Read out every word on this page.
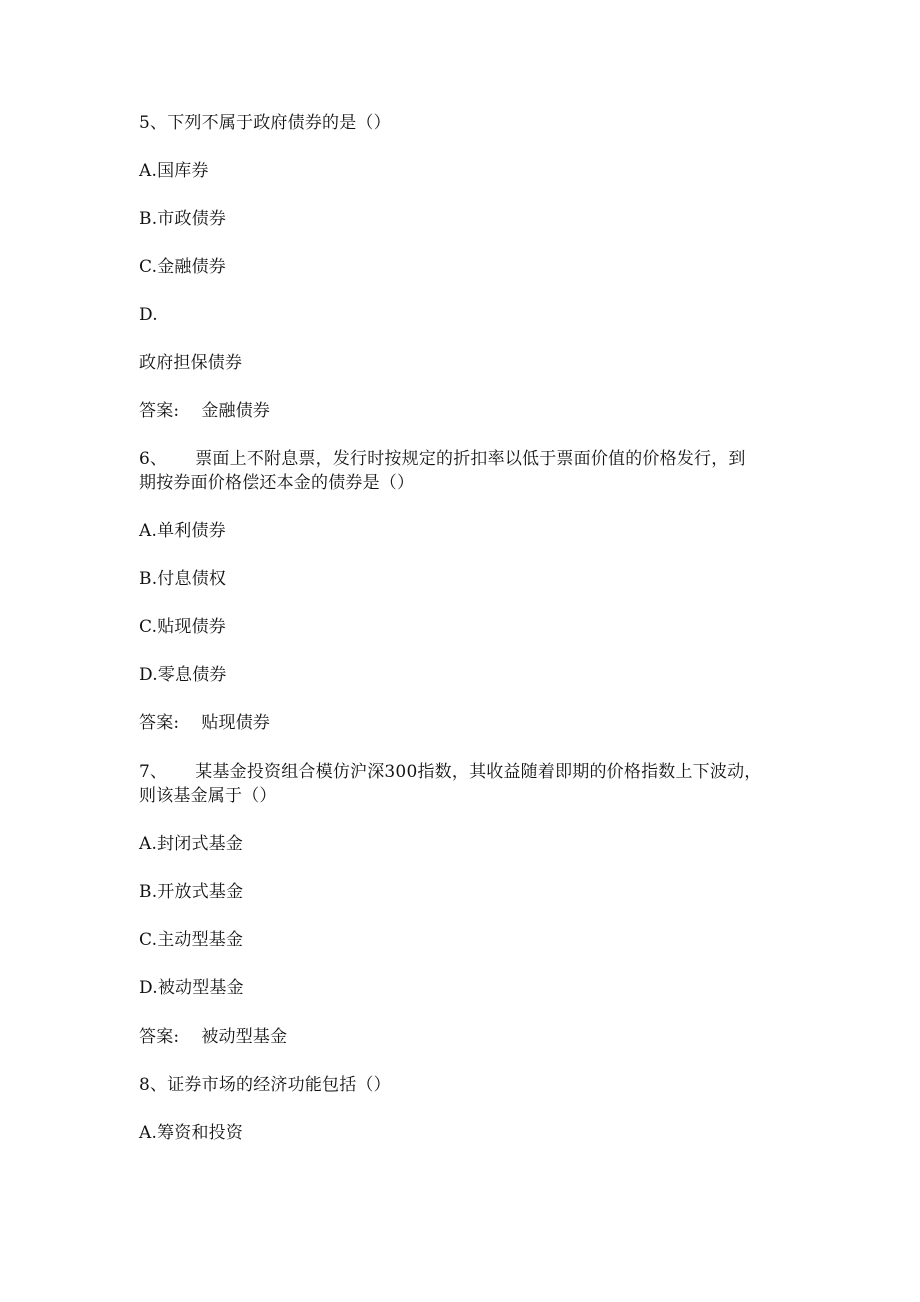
5、下列不属于政府债券的是（）
A.国库券
B.市政债券
C.金融债券
D.
政府担保债券
答案: 金融债券
6、 票面上不附息票，发行时按规定的折扣率以低于票面价值的价格发行，到
期按券面价格偿还本金的债券是（）
A.单利债券
B.付息债权
C.贴现债券
D.零息债券
答案: 贴现债券
7、 某基金投资组合模仿沪深300指数，其收益随着即期的价格指数上下波动，
则该基金属于（）
A.封闭式基金
B.开放式基金
C.主动型基金
D.被动型基金
答案: 被动型基金
8、证券市场的经济功能包括（）
A.筹资和投资
